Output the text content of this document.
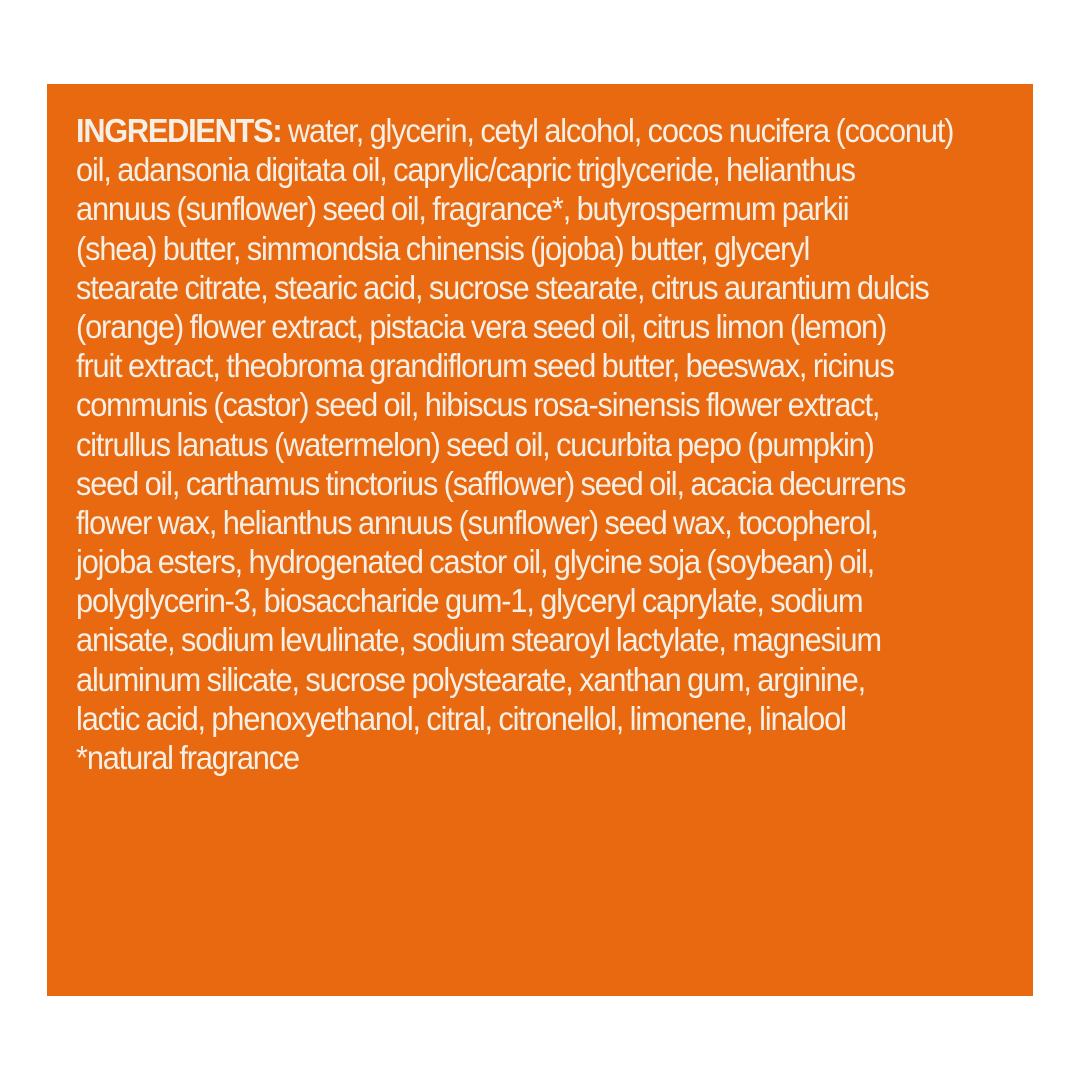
INGREDIENTS: water, glycerin, cetyl alcohol, cocos nucifera (coconut)
oil, adansonia digitata oil, caprylic/capric triglyceride, helianthus
annuus (sunflower) seed oil, fragrance*, butyrospermum parkii
(shea) butter, simmondsia chinensis (jojoba) butter, glyceryl
stearate citrate, stearic acid, sucrose stearate, citrus aurantium dulcis
(orange) flower extract, pistacia vera seed oil, citrus limon (lemon)
fruit extract, theobroma grandiflorum seed butter, beeswax, ricinus
communis (castor) seed oil, hibiscus rosa-sinensis flower extract,
citrullus lanatus (watermelon) seed oil, cucurbita pepo (pumpkin)
seed oil, carthamus tinctorius (safflower) seed oil, acacia decurrens
flower wax, helianthus annuus (sunflower) seed wax, tocopherol,
jojoba esters, hydrogenated castor oil, glycine soja (soybean) oil,
polyglycerin-3, biosaccharide gum-1, glyceryl caprylate, sodium
anisate, sodium levulinate, sodium stearoyl lactylate, magnesium
aluminum silicate, sucrose polystearate, xanthan gum, arginine,
lactic acid, phenoxyethanol, citral, citronellol, limonene, linalool
*natural fragrance
